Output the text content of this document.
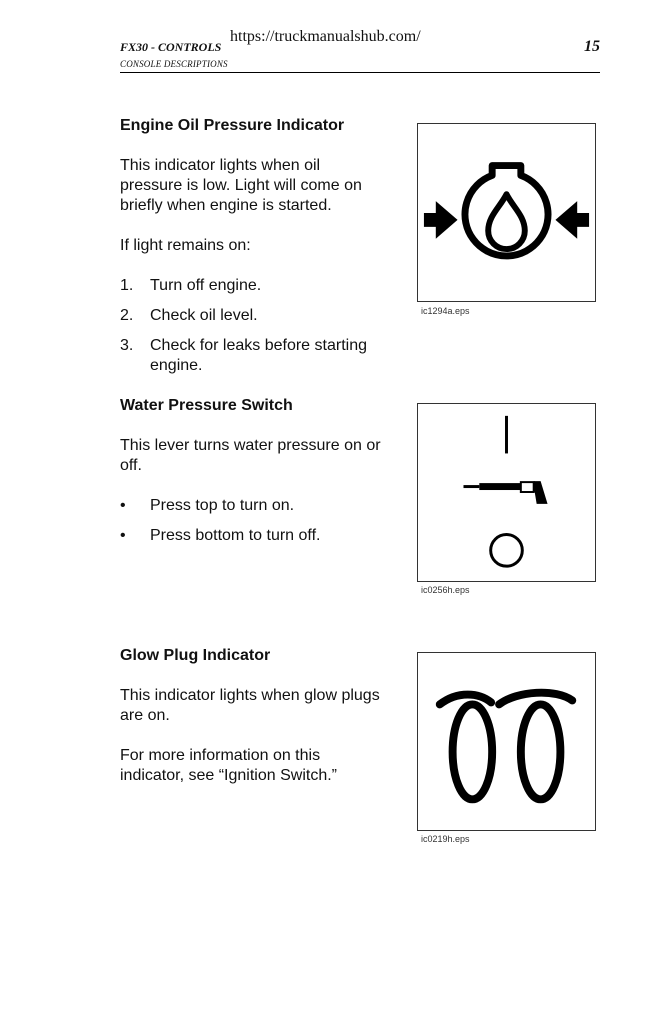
https://truckmanualshub.com/
FX30 - CONTROLS
CONSOLE DESCRIPTIONS
15
Engine Oil Pressure Indicator
This indicator lights when oil pressure is low. Light will come on briefly when engine is started.
If light remains on:
1. Turn off engine.
2. Check oil level.
3. Check for leaks before starting engine.
ic1294a.eps
Water Pressure Switch
This lever turns water pressure on or off.
• Press top to turn on.
• Press bottom to turn off.
ic0256h.eps
Glow Plug Indicator
This indicator lights when glow plugs are on.
For more information on this indicator, see “Ignition Switch.”
ic0219h.eps
